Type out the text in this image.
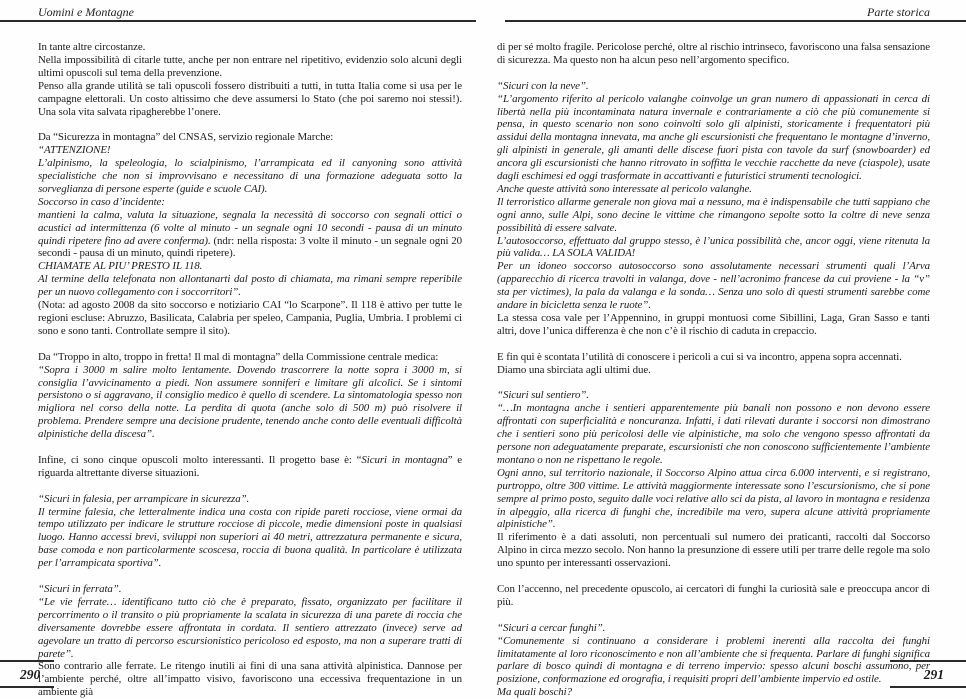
Uomini e Montagne

In tante altre circostanze.

Nella impossibilità di citarle tutte, anche per non entrare nel ripetitivo, evidenzio solo alcuni degli ultimi opuscoli sul tema della prevenzione.

Penso alla grande utilità se tali opuscoli fossero distribuiti a tutti, in tutta Italia come si usa per le campagne elettorali. Un costo altissimo che deve assumersi lo Stato (che poi saremo noi stessi!). Una sola vita salvata ripagherebbe l’onere.

Da “Sicurezza in montagna” del CNSAS, servizio regionale Marche:

“ATTENZIONE!

L’alpinismo, la speleologia, lo scialpinismo, l’arrampicata ed il canyoning sono attività specialistiche che non si improvvisano e necessitano di una formazione adeguata sotto la sorveglianza di persone esperte (guide e scuole CAI).

Soccorso in caso d’incidente:

mantieni la calma, valuta la situazione, segnala la necessità di soccorso con segnali ottici o acustici ad intermittenza (6 volte al minuto - un segnale ogni 10 secondi - pausa di un minuto quindi ripetere fino ad avere conferma). (ndr: nella risposta: 3 volte il minuto - un segnale ogni 20 secondi - pausa di un minuto, quindi ripetere).

CHIAMATE AL PIU’ PRESTO IL 118.

Al termine della telefonata non allontanarti dal posto di chiamata, ma rimani sempre reperibile per un nuovo collegamento con i soccorritori”.

(Nota: ad agosto 2008 da sito soccorso e notiziario CAI “lo Scarpone”. Il 118 è attivo per tutte le regioni escluse: Abruzzo, Basilicata, Calabria per speleo, Campania, Puglia, Umbria. I problemi ci sono e sono tanti. Controllate sempre il sito).

Da “Troppo in alto, troppo in fretta! Il mal di montagna” della Commissione centrale medica:

“Sopra i 3000 m salire molto lentamente. Dovendo trascorrere la notte sopra i 3000 m, si consiglia l’avvicinamento a piedi. Non assumere sonniferi e limitare gli alcolici. Se i sintomi persistono o si aggravano, il consiglio medico è quello di scendere. La sintomatologia spesso non migliora nel corso della notte. La perdita di quota (anche solo di 500 m) può risolvere il problema. Prendere sempre una decisione prudente, tenendo anche conto delle eventuali difficoltà alpinistiche della discesa”.

Infine, ci sono cinque opuscoli molto interessanti. Il progetto base è: “Sicuri in montagna” e riguarda altrettante diverse situazioni.

“Sicuri in falesia, per arrampicare in sicurezza”.

Il termine falesia, che letteralmente indica una costa con ripide pareti rocciose, viene ormai da tempo utilizzato per indicare le strutture rocciose di piccole, medie dimensioni poste in qualsiasi luogo. Hanno accessi brevi, sviluppi non superiori ai 40 metri, attrezzatura permanente e sicura, base comoda e non particolarmente scoscesa, roccia di buona qualità. In particolare è utilizzata per l’arrampicata sportiva”.

“Sicuri in ferrata”.

“Le vie ferrate… identificano tutto ciò che è preparato, fissato, organizzato per facilitare il percorrimento o il transito o più propriamente la scalata in sicurezza di una parete di roccia che diversamente dovrebbe essere affrontata in cordata. Il sentiero attrezzato (invece) serve ad agevolare un tratto di percorso escursionistico pericoloso ed esposto, ma non a superare tratti di parete”.

Sono contrario alle ferrate. Le ritengo inutili ai fini di una sana attività alpinistica. Dannose per l’ambiente perché, oltre all’impatto visivo, favoriscono una eccessiva frequentazione in un ambiente già

290
Parte storica

di per sé molto fragile. Pericolose perché, oltre al rischio intrinseco, favoriscono una falsa sensazione di sicurezza. Ma questo non ha alcun peso nell’argomento specifico.

“Sicuri con la neve”.

“L’argomento riferito al pericolo valanghe coinvolge un gran numero di appassionati in cerca di libertà nella più incontaminata natura invernale e contrariamente a ciò che più comunemente si pensa, in questo scenario non sono coinvolti solo gli alpinisti, storicamente i frequentatori più assidui della montagna innevata, ma anche gli escursionisti che frequentano le montagne d’inverno, gli alpinisti in generale, gli amanti delle discese fuori pista con tavole da surf (snowboarder) ed ancora gli escursionisti che hanno ritrovato in soffitta le vecchie racchette da neve (ciaspole), usate dagli eschimesi ed oggi trasformate in accattivanti e futuristici strumenti tecnologici.

Anche queste attività sono interessate al pericolo valanghe.

Il terroristico allarme generale non giova mai a nessuno, ma è indispensabile che tutti sappiano che ogni anno, sulle Alpi, sono decine le vittime che rimangono sepolte sotto la coltre di neve senza possibilità di essere salvate.

L’autosoccorso, effettuato dal gruppo stesso, è l’unica possibilità che, ancor oggi, viene ritenuta la più valida… LA SOLA VALIDA!

Per un idoneo soccorso autosoccorso sono assolutamente necessari strumenti quali l’Arva (apparecchio di ricerca travolti in valanga, dove - nell’acronimo francese da cui proviene - la “v” sta per victimes), la pala da valanga e la sonda… Senza uno solo di questi strumenti sarebbe come andare in bicicletta senza le ruote”.

La stessa cosa vale per l’Appennino, in gruppi montuosi come Sibillini, Laga, Gran Sasso e tanti altri, dove l’unica differenza è che non c’è il rischio di caduta in crepaccio.

E fin qui è scontata l’utilità di conoscere i pericoli a cui si va incontro, appena sopra accennati.

Diamo una sbirciata agli ultimi due.

“Sicuri sul sentiero”.

“…In montagna anche i sentieri apparentemente più banali non possono e non devono essere affrontati con superficialità e noncuranza. Infatti, i dati rilevati durante i soccorsi non dimostrano che i sentieri sono più pericolosi delle vie alpinistiche, ma solo che vengono spesso affrontati da persone non adeguatamente preparate, escursionisti che non conoscono sufficientemente l’ambiente montano o non ne rispettano le regole.

Ogni anno, sul territorio nazionale, il Soccorso Alpino attua circa 6.000 interventi, e si registrano, purtroppo, oltre 300 vittime. Le attività maggiormente interessate sono l’escursionismo, che si pone sempre al primo posto, seguito dalle voci relative allo sci da pista, al lavoro in montagna e residenza in alpeggio, alla ricerca di funghi che, incredibile ma vero, supera alcune attività propriamente alpinistiche”.

Il riferimento è a dati assoluti, non percentuali sul numero dei praticanti, raccolti dal Soccorso Alpino in circa mezzo secolo. Non hanno la presunzione di essere utili per trarre delle regole ma solo uno spunto per interessanti osservazioni.

Con l’accenno, nel precedente opuscolo, ai cercatori di funghi la curiosità sale e preoccupa ancor di più.

“Sicuri a cercar funghi”.

“Comunemente si continuano a considerare i problemi inerenti alla raccolta dei funghi limitatamente al loro riconoscimento e non all’ambiente che si frequenta. Parlare di funghi significa parlare di bosco quindi di montagna e di terreno impervio: spesso alcuni boschi assumono, per posizione, conformazione ed orografia, i requisiti propri dell’ambiente impervio ed ostile.

Ma quali boschi?

291
